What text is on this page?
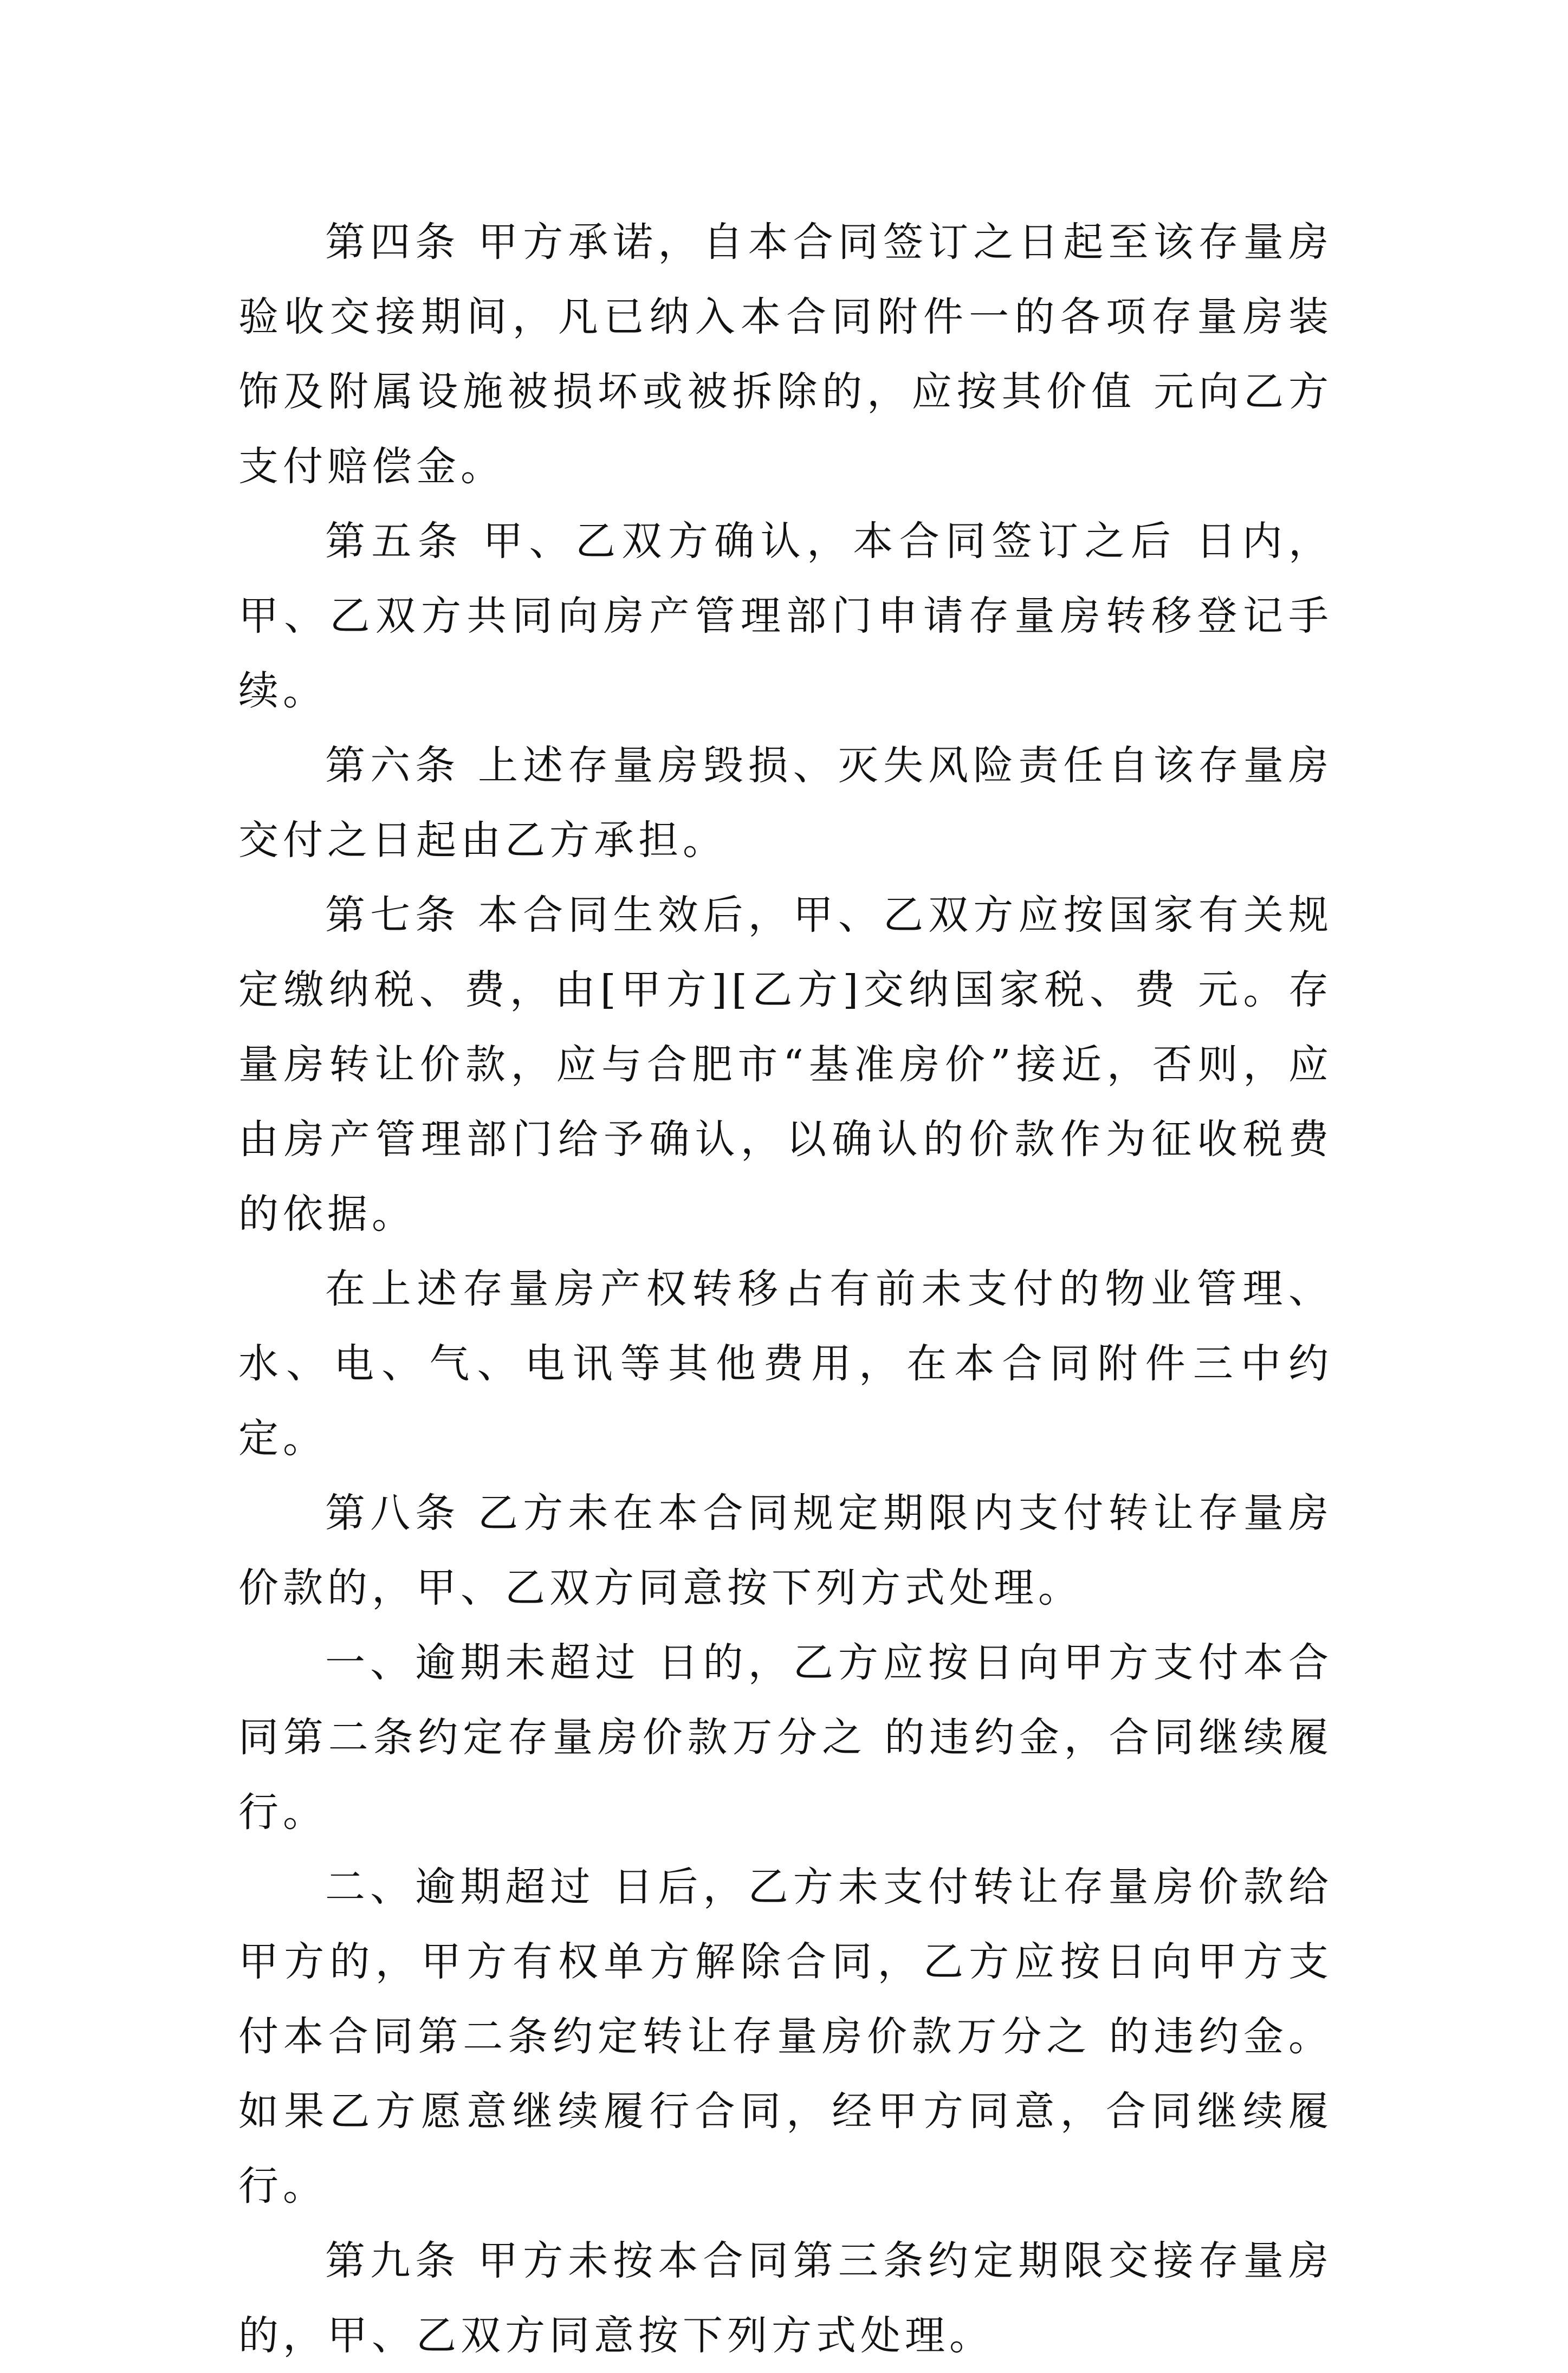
第四条 甲方承诺，自本合同签订之日起至该存量房验收交接期间，凡已纳入本合同附件一的各项存量房装饰及附属设施被损坏或被拆除的，应按其价值 元向乙方支付赔偿金。

第五条 甲、乙双方确认，本合同签订之后 日内，甲、乙双方共同向房产管理部门申请存量房转移登记手续。

第六条 上述存量房毁损、灭失风险责任自该存量房交付之日起由乙方承担。

第七条 本合同生效后，甲、乙双方应按国家有关规定缴纳税、费，由[甲方][乙方]交纳国家税、费 元。存量房转让价款，应与合肥市“基准房价”接近，否则，应由房产管理部门给予确认，以确认的价款作为征收税费的依据。

在上述存量房产权转移占有前未支付的物业管理、水、电、气、电讯等其他费用，在本合同附件三中约定。

第八条 乙方未在本合同规定期限内支付转让存量房价款的，甲、乙双方同意按下列方式处理。

一、逾期未超过 日的，乙方应按日向甲方支付本合同第二条约定存量房价款万分之 的违约金，合同继续履行。

二、逾期超过 日后，乙方未支付转让存量房价款给甲方的，甲方有权单方解除合同，乙方应按日向甲方支付本合同第二条约定转让存量房价款万分之 的违约金。如果乙方愿意继续履行合同，经甲方同意，合同继续履行。

第九条 甲方未按本合同第三条约定期限交接存量房的，甲、乙双方同意按下列方式处理。
